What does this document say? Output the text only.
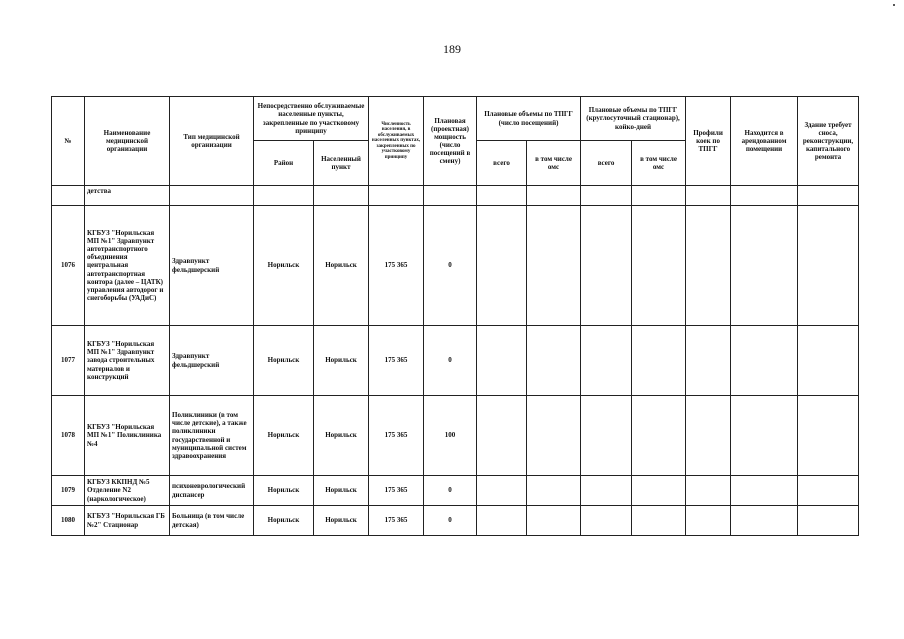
189
№	Наименование медицинской организации	Тип медицинской организации	Непосредственно обслуживаемые населенные пункты, закрепленные по участковому принципу		Численность населения, в обслуживаемых населенных пунктах, закрепленных по участковому принципу	Плановая (проектная) мощность (число посещений в смену)	Плановые объемы по ТПГГ (число посещений)		Плановые объемы по ТПГГ (круглосуточный стационар), койко-дней		Профили коек по ТПГГ	Находится в арендованном помещении	Здание требует сноса, реконструкции, капитального ремонта
			Район	Населенный пункт			всего	в том числе омс	всего	в том числе омс			
	детства												
1076	КГБУЗ "Норильская МП №1" Здравпункт автотранспортного объединения центральная автотранспортная контора (далее – ЦАТК) управления автодорог и снегоборьбы (УАДиС)	Здравпункт фельдшерский	Норильск	Норильск	175 365	0							
1077	КГБУЗ "Норильская МП №1" Здравпункт завода строительных материалов и конструкций	Здравпункт фельдшерский	Норильск	Норильск	175 365	0							
1078	КГБУЗ "Норильская МП №1" Поликлиника №4	Поликлиники (в том числе детские), а также поликлиники государственной и муниципальной систем здравоохранения	Норильск	Норильск	175 365	100							
1079	КГБУЗ ККПНД №5 Отделение N2 (наркологическое)	психоневрологический диспансер	Норильск	Норильск	175 365	0							
1080	КГБУЗ "Норильская ГБ №2" Стационар	Больница (в том числе детская)	Норильск	Норильск	175 365	0							
